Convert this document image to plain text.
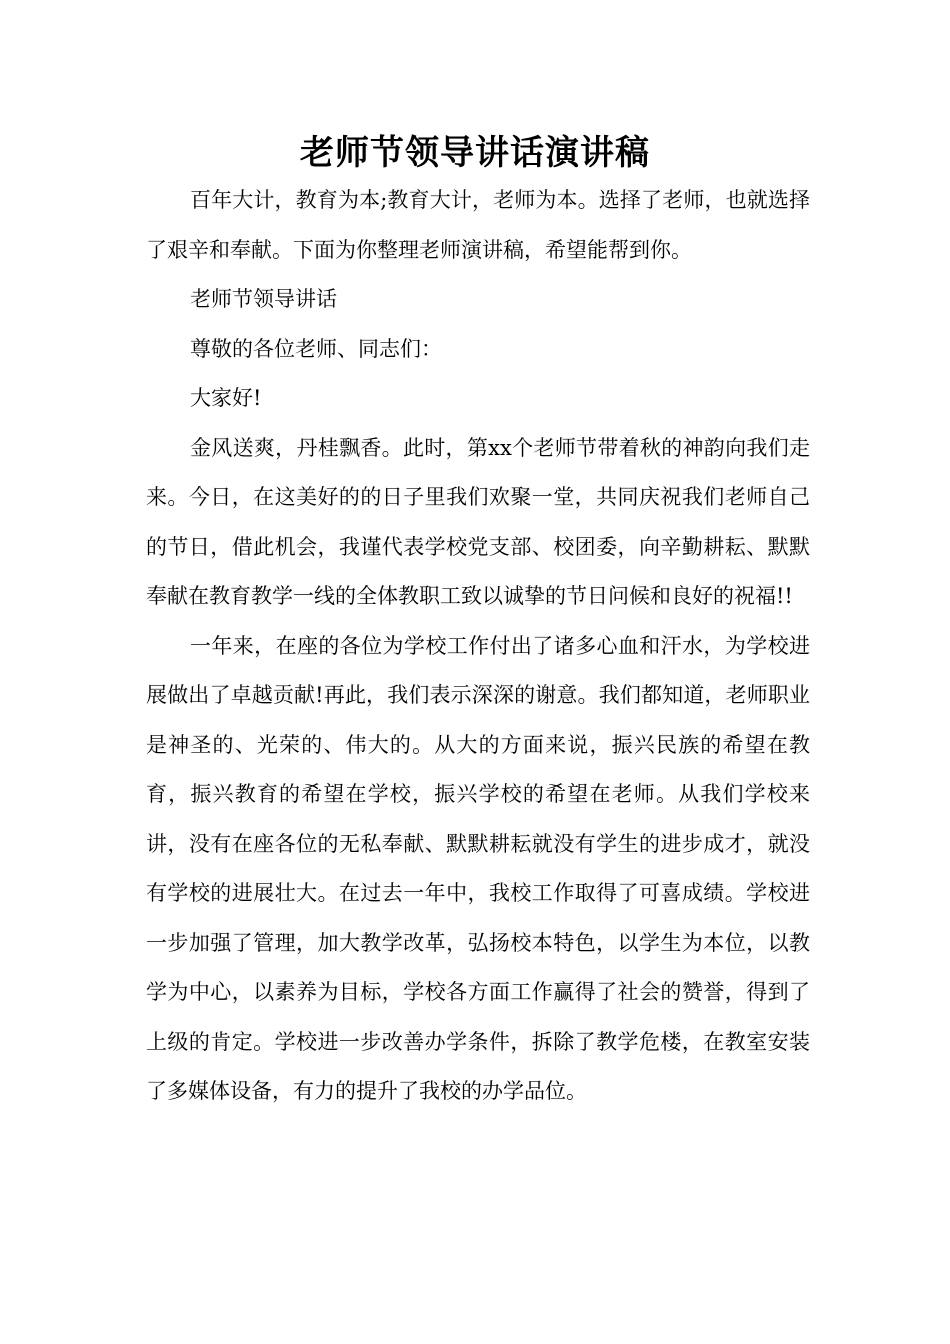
老师节领导讲话演讲稿

百年大计，教育为本;教育大计，老师为本。选择了老师，也就选择了艰辛和奉献。下面为你整理老师演讲稿，希望能帮到你。

老师节领导讲话

尊敬的各位老师、同志们：

大家好!

金风送爽，丹桂飘香。此时，第xx个老师节带着秋的神韵向我们走来。今日，在这美好的的日子里我们欢聚一堂，共同庆祝我们老师自己的节日，借此机会，我谨代表学校党支部、校团委，向辛勤耕耘、默默奉献在教育教学一线的全体教职工致以诚挚的节日问候和良好的祝福!!

一年来，在座的各位为学校工作付出了诸多心血和汗水，为学校进展做出了卓越贡献!再此，我们表示深深的谢意。我们都知道，老师职业是神圣的、光荣的、伟大的。从大的方面来说，振兴民族的希望在教育，振兴教育的希望在学校，振兴学校的希望在老师。从我们学校来讲，没有在座各位的无私奉献、默默耕耘就没有学生的进步成才，就没有学校的进展壮大。在过去一年中，我校工作取得了可喜成绩。学校进一步加强了管理，加大教学改革，弘扬校本特色，以学生为本位，以教学为中心，以素养为目标，学校各方面工作赢得了社会的赞誉，得到了上级的肯定。学校进一步改善办学条件，拆除了教学危楼，在教室安装了多媒体设备，有力的提升了我校的办学品位。
